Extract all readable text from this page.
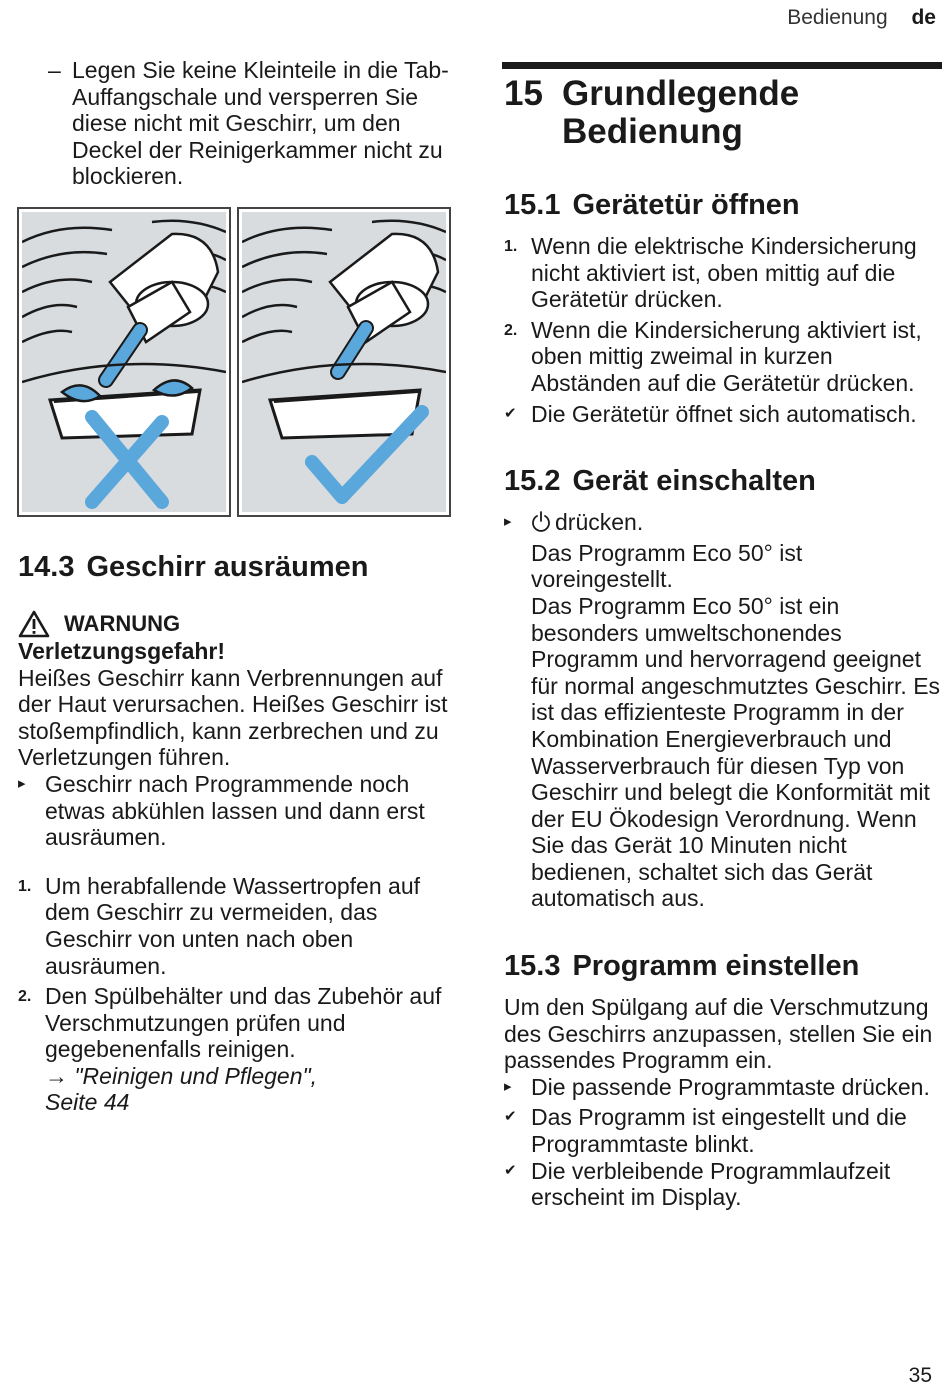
Bedienung de
– Legen Sie keine Kleinteile in die Tab-Auffangschale und versperren Sie diese nicht mit Geschirr, um den Deckel der Reinigerkammer nicht zu blockieren.
14.3 Geschirr ausräumen
WARNUNG
Verletzungsgefahr!
Heißes Geschirr kann Verbrennungen auf der Haut verursachen. Heißes Geschirr ist stoßempfindlich, kann zerbrechen und zu Verletzungen führen.
▸ Geschirr nach Programmende noch etwas abkühlen lassen und dann erst ausräumen.
1. Um herabfallende Wassertropfen auf dem Geschirr zu vermeiden, das Geschirr von unten nach oben ausräumen.
2. Den Spülbehälter und das Zubehör auf Verschmutzungen prüfen und gegebenenfalls reinigen.
→ "Reinigen und Pflegen",
Seite 44
15 Grundlegende
Bedienung
15.1 Gerätetür öffnen
1. Wenn die elektrische Kindersicherung nicht aktiviert ist, oben mittig auf die Gerätetür drücken.
2. Wenn die Kindersicherung aktiviert ist, oben mittig zweimal in kurzen Abständen auf die Gerätetür drücken.
✔ Die Gerätetür öffnet sich automatisch.
15.2 Gerät einschalten
▸ drücken.
Das Programm Eco 50° ist voreingestellt.
Das Programm Eco 50° ist ein besonders umweltschonendes Programm und hervorragend geeignet für normal angeschmutztes Geschirr. Es ist das effizienteste Programm in der Kombination Energieverbrauch und Wasserverbrauch für diesen Typ von Geschirr und belegt die Konformität mit der EU Ökodesign Verordnung. Wenn Sie das Gerät 10 Minuten nicht bedienen, schaltet sich das Gerät automatisch aus.
15.3 Programm einstellen
Um den Spülgang auf die Verschmutzung des Geschirrs anzupassen, stellen Sie ein passendes Programm ein.
▸ Die passende Programmtaste drücken.
✔ Das Programm ist eingestellt und die Programmtaste blinkt.
✔ Die verbleibende Programmlaufzeit erscheint im Display.
35
